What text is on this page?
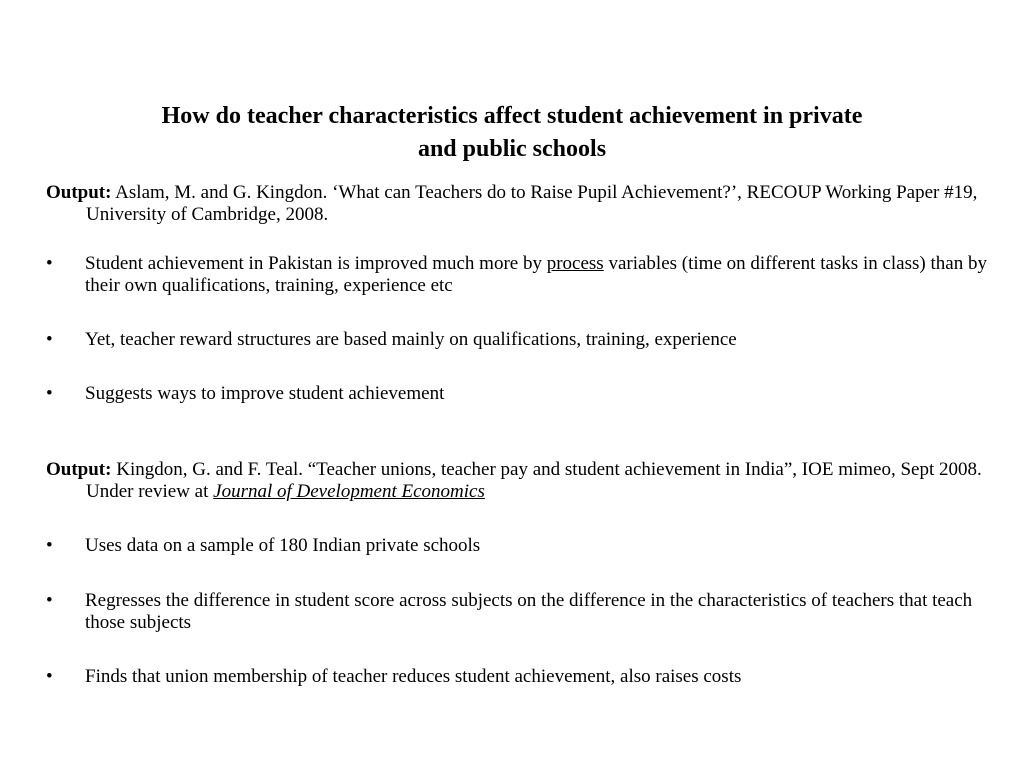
How do teacher characteristics affect student achievement in private
and public schools
Output: Aslam, M. and G. Kingdon. ‘What can Teachers do to Raise Pupil Achievement?’, RECOUP Working Paper #19, University of Cambridge, 2008.
• Student achievement in Pakistan is improved much more by process variables (time on different tasks in class) than by their own qualifications, training, experience etc
• Yet, teacher reward structures are based mainly on qualifications, training, experience
• Suggests ways to improve student achievement
Output: Kingdon, G. and F. Teal. “Teacher unions, teacher pay and student achievement in India”, IOE mimeo, Sept 2008. Under review at Journal of Development Economics
• Uses data on a sample of 180 Indian private schools
• Regresses the difference in student score across subjects on the difference in the characteristics of teachers that teach those subjects
• Finds that union membership of teacher reduces student achievement, also raises costs
